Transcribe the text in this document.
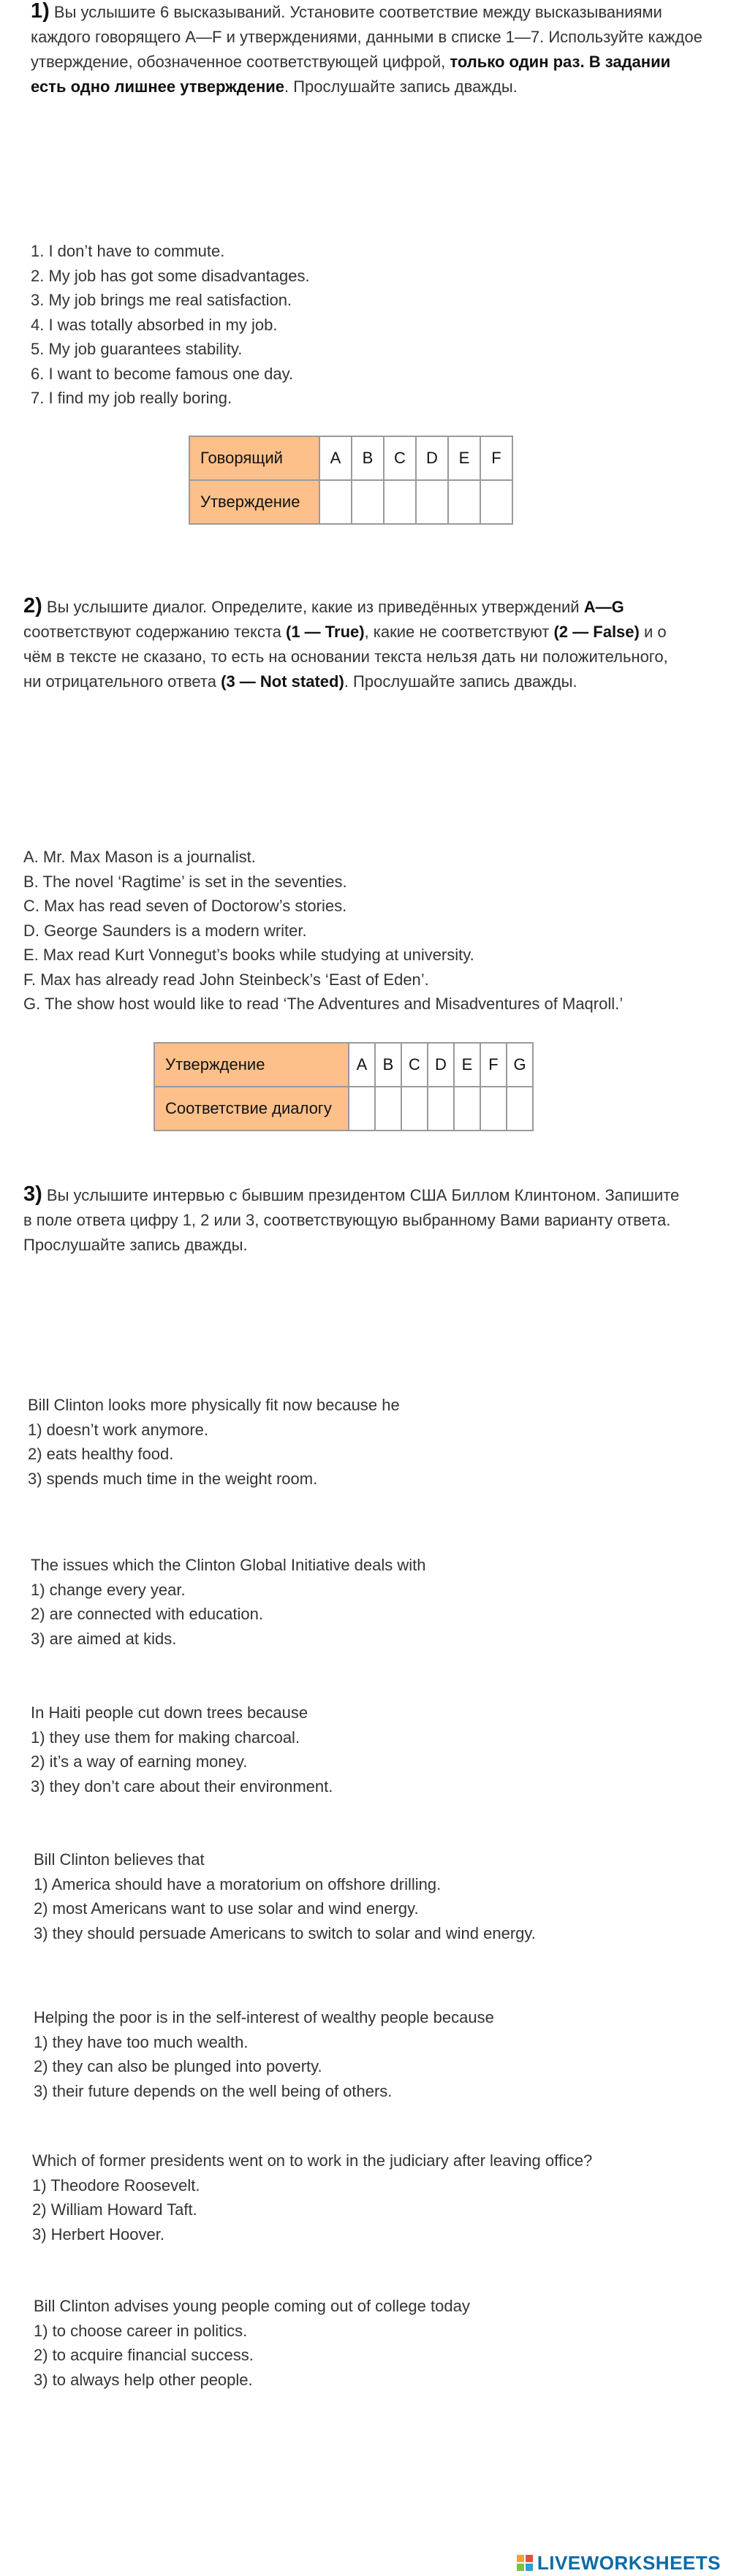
1) Вы услышите 6 высказываний. Установите соответствие между высказываниями каждого говорящего A—F и утверждениями, данными в списке 1—7. Используйте каждое утверждение, обозначенное соответствующей цифрой, только один раз. В задании есть одно лишнее утверждение. Прослушайте запись дважды.
1. I don’t have to commute.
2. My job has got some disadvantages.
3. My job brings me real satisfaction.
4. I was totally absorbed in my job.
5. My job guarantees stability.
6. I want to become famous one day.
7. I find my job really boring.
Говорящий	A	B	C	D	E	F
Утверждение						
2) Вы услышите диалог. Определите, какие из приведённых утверждений A—G соответствуют содержанию текста (1 — True), какие не соответствуют (2 — False) и о чём в тексте не сказано, то есть на основании текста нельзя дать ни положительного, ни отрицательного ответа (3 — Not stated). Прослушайте запись дважды.
A. Mr. Max Mason is a journalist.
B. The novel ‘Ragtime’ is set in the seventies.
C. Max has read seven of Doctorow’s stories.
D. George Saunders is a modern writer.
E. Max read Kurt Vonnegut’s books while studying at university.
F. Max has already read John Steinbeck’s ‘East of Eden’.
G. The show host would like to read ‘The Adventures and Misadventures of Maqroll.’
Утверждение	A	B	C	D	E	F	G
Соответствие диалогу							
3) Вы услышите интервью с бывшим президентом США Биллом Клинтоном. Запишите в поле ответа цифру 1, 2 или 3, соответствующую выбранному Вами варианту ответа. Прослушайте запись дважды.
Bill Clinton looks more physically fit now because he
1) doesn’t work anymore.
2) eats healthy food.
3) spends much time in the weight room.
The issues which the Clinton Global Initiative deals with
1) change every year.
2) are connected with education.
3) are aimed at kids.
In Haiti people cut down trees because
1) they use them for making charcoal.
2) it’s a way of earning money.
3) they don’t care about their environment.
Bill Clinton believes that
1) America should have a moratorium on offshore drilling.
2) most Americans want to use solar and wind energy.
3) they should persuade Americans to switch to solar and wind energy.
Helping the poor is in the self-interest of wealthy people because
1) they have too much wealth.
2) they can also be plunged into poverty.
3) their future depends on the well being of others.
Which of former presidents went on to work in the judiciary after leaving office?
1) Theodore Roosevelt.
2) William Howard Taft.
3) Herbert Hoover.
Bill Clinton advises young people coming out of college today
1) to choose career in politics.
2) to acquire financial success.
3) to always help other people.
LIVEWORKSHEETS
